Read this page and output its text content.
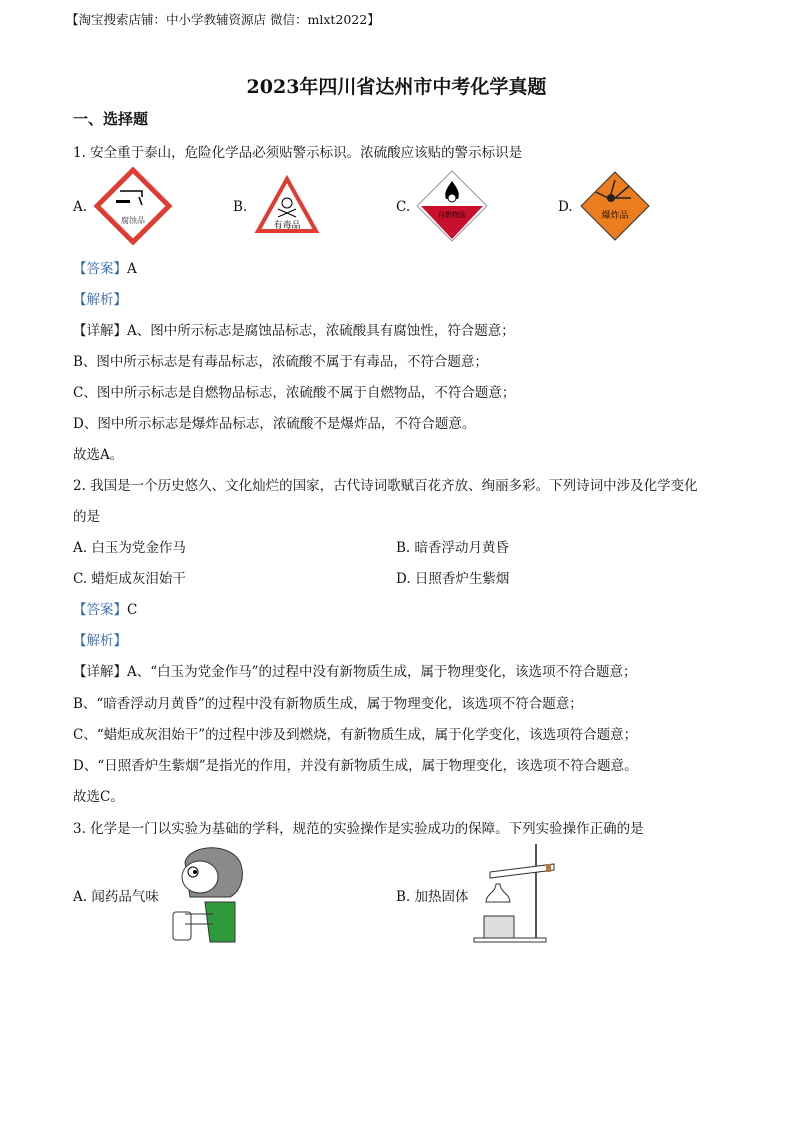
【淘宝搜索店铺：中小学教辅资源店 微信：mlxt2022】
2023年四川省达州市中考化学真题
一、选择题
1. 安全重于泰山，危险化学品必须贴警示标识。浓硫酸应该贴的警示标识是
A.
腐蚀品
B.
有毒品
C.	自燃物品	D.
爆炸品
【答案】A
【解析】
【详解】A、图中所示标志是腐蚀品标志，浓硫酸具有腐蚀性，符合题意；
B、图中所示标志是有毒品标志，浓硫酸不属于有毒品，不符合题意；
C、图中所示标志是自燃物品标志，浓硫酸不属于自燃物品，不符合题意；
D、图中所示标志是爆炸品标志，浓硫酸不是爆炸品，不符合题意。
故选A。
2. 我国是一个历史悠久、文化灿烂的国家，古代诗词歌赋百花齐放、绚丽多彩。下列诗词中涉及化学变化
的是
A. 白玉为党金作马	B. 暗香浮动月黄昏
C. 蜡炬成灰泪始干	D. 日照香炉生紫烟
【答案】C
【解析】
【详解】A、“白玉为党金作马”的过程中没有新物质生成，属于物理变化，该选项不符合题意；
B、“暗香浮动月黄昏”的过程中没有新物质生成，属于物理变化，该选项不符合题意；
C、“蜡炬成灰泪始干”的过程中涉及到燃烧，有新物质生成，属于化学变化，该选项符合题意；
D、“日照香炉生紫烟”是指光的作用，并没有新物质生成，属于物理变化，该选项不符合题意。
故选C。
3. 化学是一门以实验为基础的学科，规范的实验操作是实验成功的保障。下列实验操作正确的是
A. 闻药品气味	B. 加热固体
